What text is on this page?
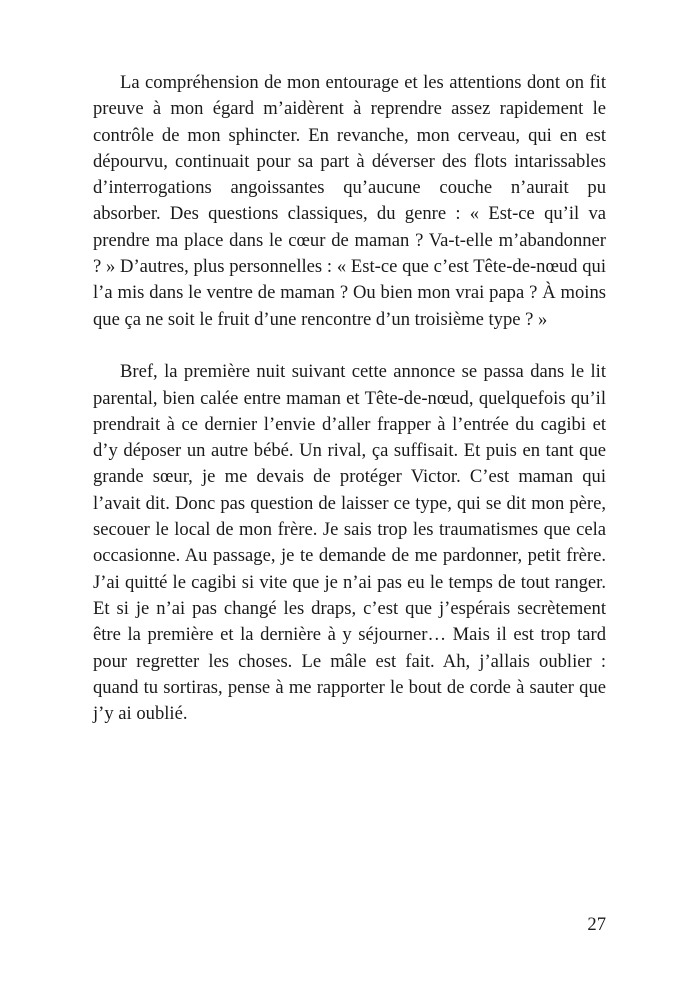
La compréhension de mon entourage et les attentions dont on fit preuve à mon égard m’aidèrent à reprendre assez rapidement le contrôle de mon sphincter. En revanche, mon cerveau, qui en est dépourvu, continuait pour sa part à déverser des flots intarissables d’interrogations angoissantes qu’aucune couche n’aurait pu absorber. Des questions classiques, du genre : « Est-ce qu’il va prendre ma place dans le cœur de maman ? Va-t-elle m’abandonner ? » D’autres, plus personnelles : « Est-ce que c’est Tête-de-nœud qui l’a mis dans le ventre de maman ? Ou bien mon vrai papa ? À moins que ça ne soit le fruit d’une rencontre d’un troisième type ? »

Bref, la première nuit suivant cette annonce se passa dans le lit parental, bien calée entre maman et Tête-de-nœud, quelquefois qu’il prendrait à ce dernier l’envie d’aller frapper à l’entrée du cagibi et d’y déposer un autre bébé. Un rival, ça suffisait. Et puis en tant que grande sœur, je me devais de protéger Victor. C’est maman qui l’avait dit. Donc pas question de laisser ce type, qui se dit mon père, secouer le local de mon frère. Je sais trop les traumatismes que cela occasionne. Au passage, je te demande de me pardonner, petit frère. J’ai quitté le cagibi si vite que je n’ai pas eu le temps de tout ranger. Et si je n’ai pas changé les draps, c’est que j’espérais secrètement être la première et la dernière à y séjourner… Mais il est trop tard pour regretter les choses. Le mâle est fait. Ah, j’allais oublier : quand tu sortiras, pense à me rapporter le bout de corde à sauter que j’y ai oublié.

27
